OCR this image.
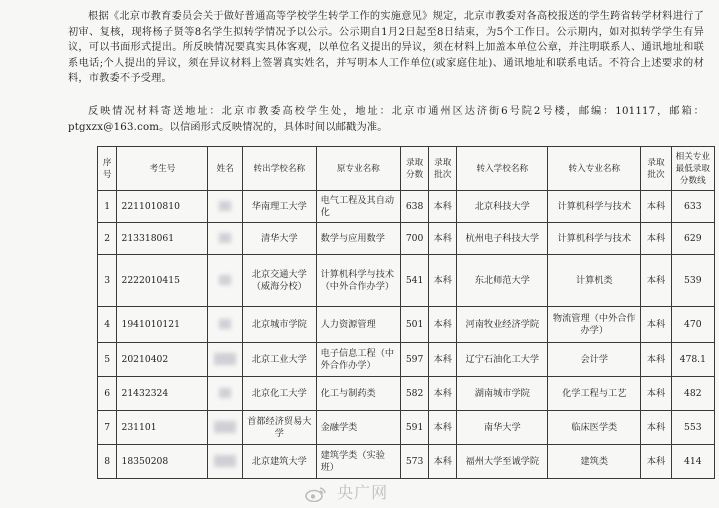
根据《北京市教育委员会关于做好普通高等学校学生转学工作的实施意见》规定，北京市教委对各高校报送的学生跨省转学材料进行了初审、复核，现将杨子贤等8名学生拟转学情况予以公示。公示期自1月2日起至8日结束，为5个工作日。公示期内，如对拟转学学生有异议，可以书面形式提出。所反映情况要真实具体客观，以单位名义提出的异议，须在材料上加盖本单位公章，并注明联系人、通讯地址和联系电话;个人提出的异议，须在异议材料上签署真实姓名，并写明本人工作单位(或家庭住址)、通讯地址和联系电话。不符合上述要求的材料，市教委不予受理。

反映情况材料寄送地址：北京市教委高校学生处，地址：北京市通州区达济街6号院2号楼，邮编：101117，邮箱：ptgxzx@163.com。以信函形式反映情况的，具体时间以邮戳为准。

序号	考生号	姓名	转出学校名称	原专业名称	录取分数	录取批次	转入学校名称	转入专业名称	录取批次	相关专业最低录取分数线
1	2211010810		华南理工大学	电气工程及其自动化	638	本科	北京科技大学	计算机科学与技术	本科	633
2	213318061		清华大学	数学与应用数学	700	本科	杭州电子科技大学	计算机科学与技术	本科	629
3	2222010415		北京交通大学（威海分校）	计算机科学与技术（中外合作办学）	541	本科	东北师范大学	计算机类	本科	539
4	1941010121		北京城市学院	人力资源管理	501	本科	河南牧业经济学院	物流管理（中外合作办学）	本科	470
5	20210402		北京工业大学	电子信息工程（中外合作办学）	597	本科	辽宁石油化工大学	会计学	本科	478.1
6	21432324		北京化工大学	化工与制药类	582	本科	湖南城市学院	化学工程与工艺	本科	482
7	231101		首都经济贸易大学	金融学类	591	本科	南华大学	临床医学类	本科	553
8	18350208		北京建筑大学	建筑学类（实验班）	573	本科	福州大学至诚学院	建筑类	本科	414
央广网
